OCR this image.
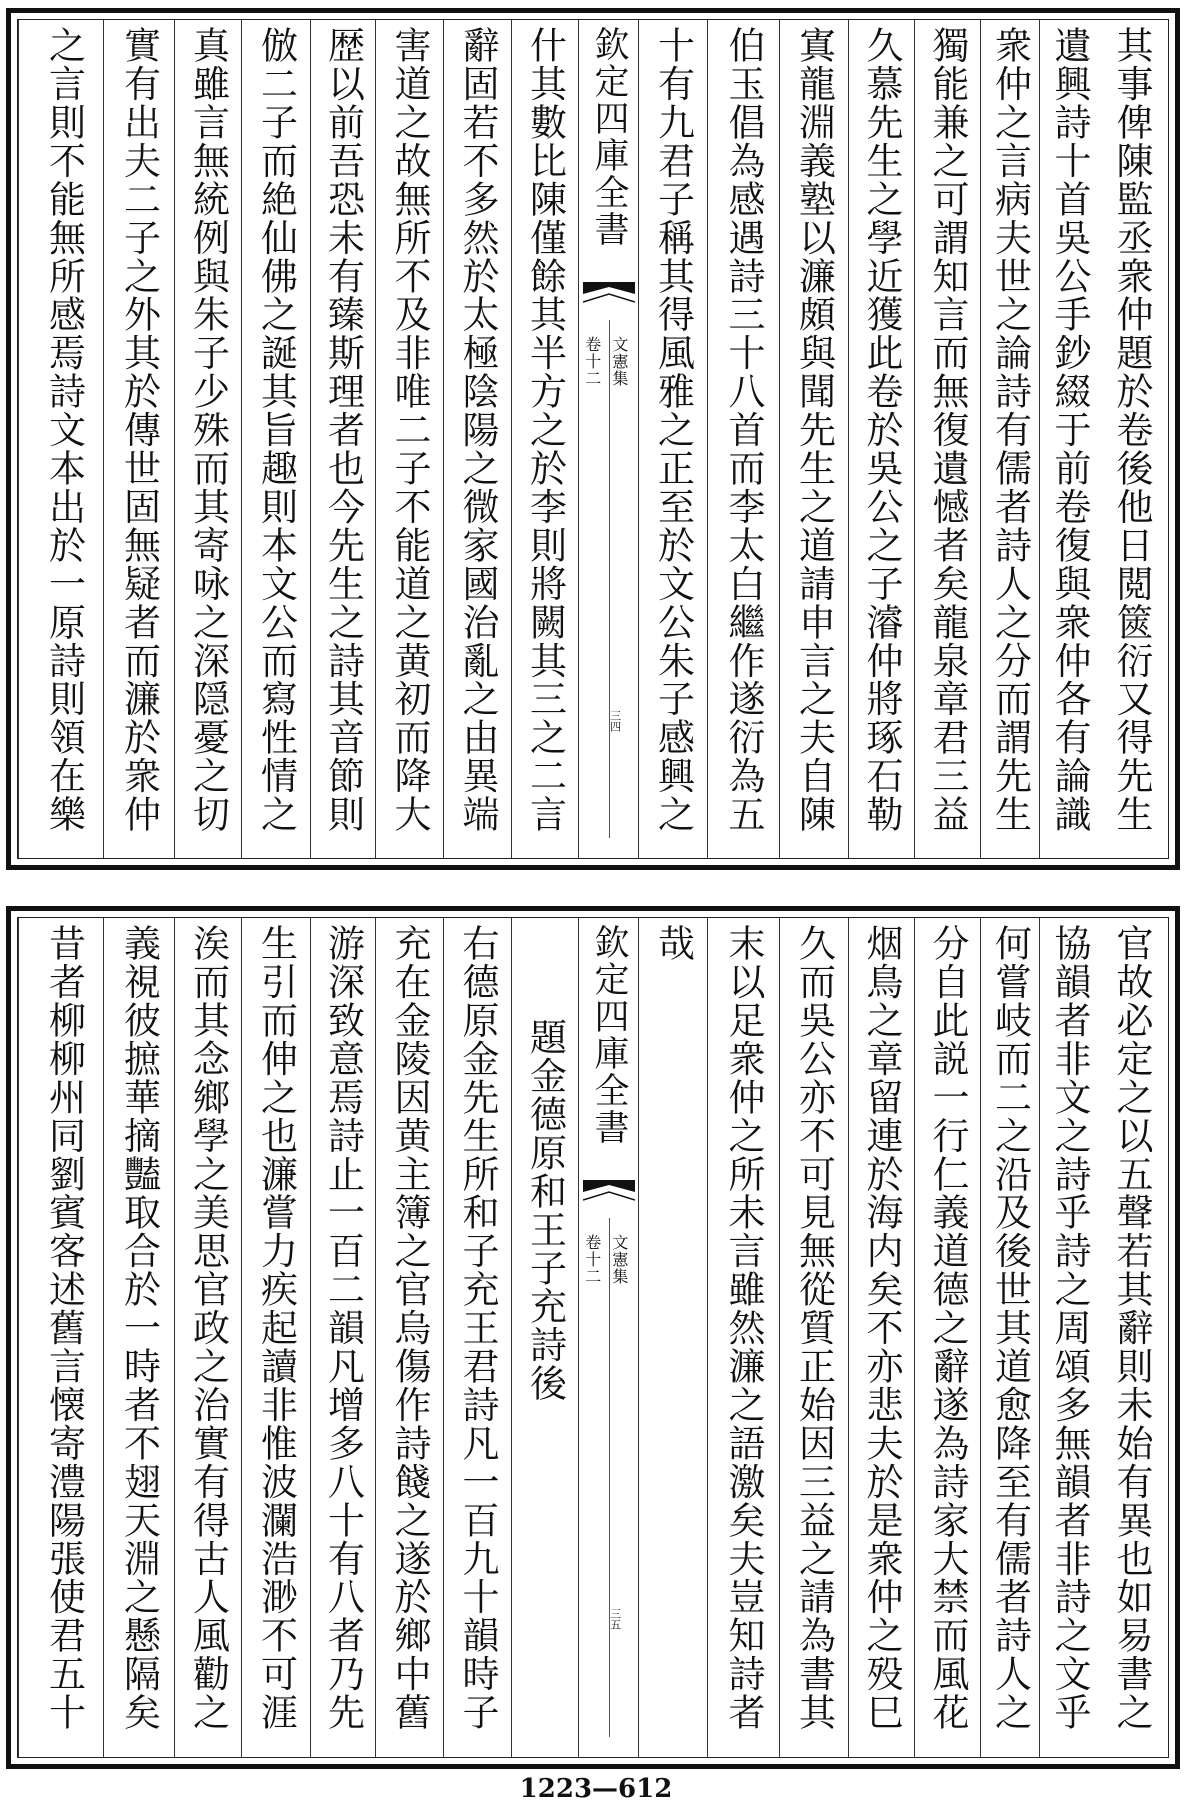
其事俾陳監丞衆仲題於卷後他日閲篋衍又得先生
遺興詩十首吳公手鈔綴于前卷復與衆仲各有論識
衆仲之言病夫世之論詩有儒者詩人之分而謂先生
獨能兼之可謂知言而無復遺憾者矣龍泉章君三益
久慕先生之學近獲此卷於吳公之子濬仲將琢石勒
寘龍淵義塾以濂頗與聞先生之道請申言之夫自陳
伯玉倡為感遇詩三十八首而李太白繼作遂衍為五
十有九君子稱其得風雅之正至於文公朱子感興之
欽定四庫全書
文憲集
卷十二
三四
什其數比陳僅餘其半方之於李則將闕其三之二言
辭固若不多然於太極陰陽之微家國治亂之由異端
害道之故無所不及非唯二子不能道之黄初而降大
歴以前吾恐未有臻斯理者也今先生之詩其音節則
倣二子而絶仙佛之誕其旨趣則本文公而寫性情之
真雖言無統例與朱子少殊而其寄咏之深隠憂之切
實有出夫二子之外其於傳世固無疑者而濂於衆仲
之言則不能無所感焉詩文本出於一原詩則領在樂
官故必定之以五聲若其辭則未始有異也如易書之
協韻者非文之詩乎詩之周頌多無韻者非詩之文乎
何嘗岐而二之沿及後世其道愈降至有儒者詩人之
分自此説一行仁義道德之辭遂為詩家大禁而風花
烟鳥之章留連於海内矣不亦悲夫於是衆仲之殁巳
久而吳公亦不可見無從質正始因三益之請為書其
末以足衆仲之所未言雖然濂之語激矣夫豈知詩者
哉
欽定四庫全書
文憲集
卷十二
三五
題金德原和王子充詩後
右德原金先生所和子充王君詩凡一百九十韻時子
充在金陵因黄主簿之官烏傷作詩餞之遂於鄉中舊
游深致意焉詩止一百二韻凡增多八十有八者乃先
生引而伸之也濂嘗力疾起讀非惟波瀾浩渺不可涯
涘而其念鄉學之美思官政之治實有得古人風勸之
義視彼摭華摘豔取合於一時者不翅天淵之懸隔矣
昔者柳柳州同劉賓客述舊言懐寄澧陽張使君五十
1223—612
